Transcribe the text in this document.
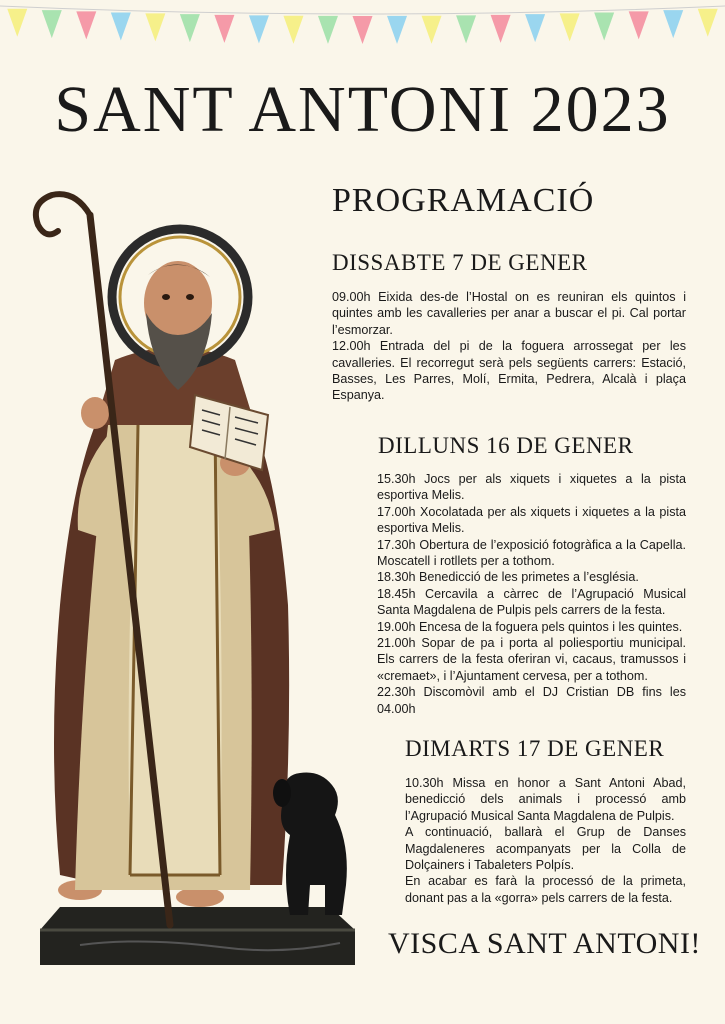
SANT ANTONI 2023
PROGRAMACIÓ
DISSABTE 7 DE GENER

09.00h Eixida des-de l’Hostal on es reuniran els quintos i quintes amb les cavalleries per anar a buscar el pi. Cal portar l’esmorzar.

12.00h Entrada del pi de la foguera arrossegat per les cavalleries. El recorregut serà pels següents carrers: Estació, Basses, Les Parres, Molí, Ermita, Pedrera, Alcalà i plaça Espanya.

DILLUNS 16 DE GENER

15.30h Jocs per als xiquets i xiquetes a la pista esportiva Melis.

17.00h Xocolatada per als xiquets i xiquetes a la pista esportiva Melis.

17.30h Obertura de l’exposició fotogràfica a la Capella. Moscatell i rotllets per a tothom.

18.30h Benedicció de les primetes a l’església.

18.45h Cercavila a càrrec de l’Agrupació Musical Santa Magdalena de Pulpis pels carrers de la festa.

19.00h Encesa de la foguera pels quintos i les quintes.

21.00h Sopar de pa i porta al poliesportiu municipal. Els carrers de la festa oferiran vi, cacaus, tramussos i «cremaet», i l’Ajuntament cervesa, per a tothom.

22.30h Discomòvil amb el DJ Cristian DB fins les 04.00h

DIMARTS 17 DE GENER

10.30h Missa en honor a Sant Antoni Abad, benedicció dels animals i processó amb l’Agrupació Musical Santa Magdalena de Pulpis.

A continuació, ballarà el Grup de Danses Magdaleneres acompanyats per la Colla de Dolçainers i Tabaleters Polpís.

En acabar es farà la processó de la primeta, donant pas a la «gorra» pels carrers de la festa.

VISCA SANT ANTONI!
